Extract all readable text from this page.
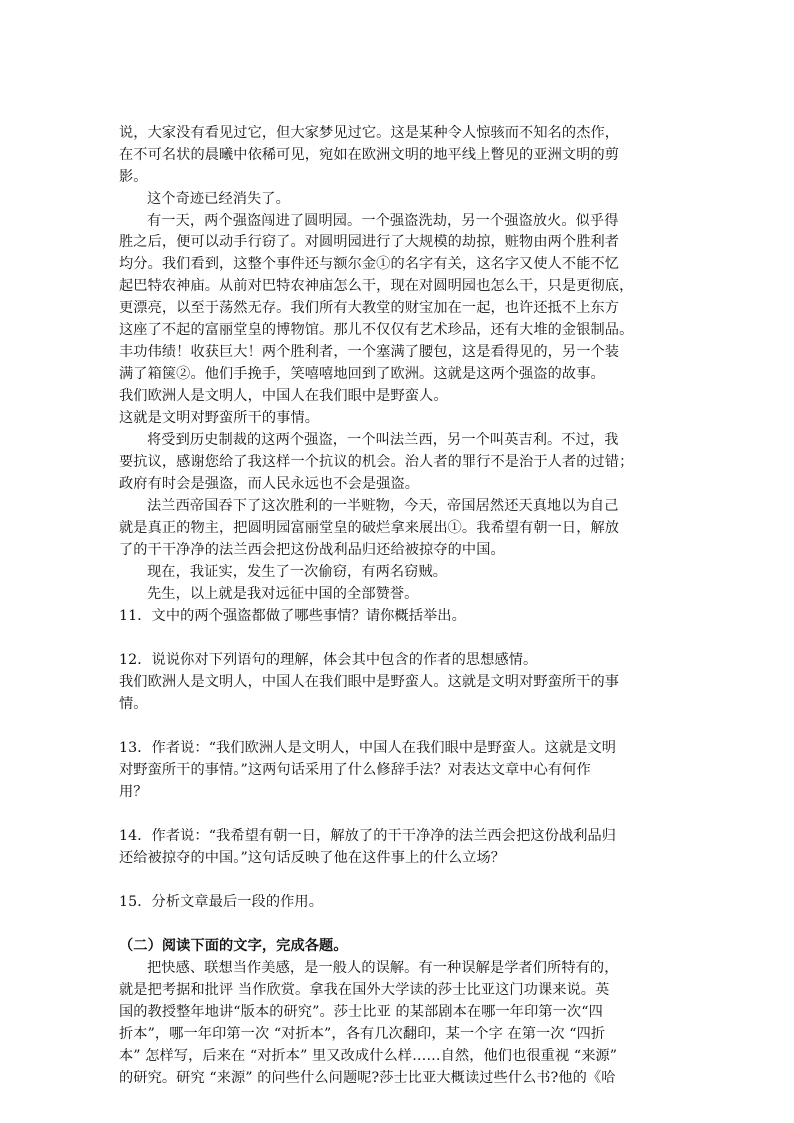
说，大家没有看见过它，但大家梦见过它。这是某种令人惊骇而不知名的杰作，
在不可名状的晨曦中依稀可见，宛如在欧洲文明的地平线上瞥见的亚洲文明的剪
影。
这个奇迹已经消失了。
有一天，两个强盗闯进了圆明园。一个强盗洗劫，另一个强盗放火。似乎得
胜之后，便可以动手行窃了。对圆明园进行了大规模的劫掠，赃物由两个胜利者
均分。我们看到，这整个事件还与额尔金①的名字有关，这名字又使人不能不忆
起巴特农神庙。从前对巴特农神庙怎么干，现在对圆明园也怎么干，只是更彻底，
更漂亮，以至于荡然无存。我们所有大教堂的财宝加在一起，也许还抵不上东方
这座了不起的富丽堂皇的博物馆。那儿不仅仅有艺术珍品，还有大堆的金银制品。
丰功伟绩！收获巨大！两个胜利者，一个塞满了腰包，这是看得见的，另一个装
满了箱箧②。他们手挽手，笑嘻嘻地回到了欧洲。这就是这两个强盗的故事。
我们欧洲人是文明人，中国人在我们眼中是野蛮人。
这就是文明对野蛮所干的事情。
将受到历史制裁的这两个强盗，一个叫法兰西，另一个叫英吉利。不过，我
要抗议，感谢您给了我这样一个抗议的机会。治人者的罪行不是治于人者的过错；
政府有时会是强盗，而人民永远也不会是强盗。
法兰西帝国吞下了这次胜利的一半赃物，今天，帝国居然还天真地以为自己
就是真正的物主，把圆明园富丽堂皇的破烂拿来展出①。我希望有朝一日，解放
了的干干净净的法兰西会把这份战利品归还给被掠夺的中国。
现在，我证实，发生了一次偷窃，有两名窃贼。
先生，以上就是我对远征中国的全部赞誉。
11．文中的两个强盗都做了哪些事情？请你概括举出。
12．说说你对下列语句的理解，体会其中包含的作者的思想感情。
我们欧洲人是文明人，中国人在我们眼中是野蛮人。这就是文明对野蛮所干的事
情。
13．作者说：“我们欧洲人是文明人，中国人在我们眼中是野蛮人。这就是文明
对野蛮所干的事情。”这两句话采用了什么修辞手法？对表达文章中心有何作
用？
14．作者说：“我希望有朝一日，解放了的干干净净的法兰西会把这份战利品归
还给被掠夺的中国。”这句话反映了他在这件事上的什么立场？
15．分析文章最后一段的作用。
（二）阅读下面的文字，完成各题。
把快感、联想当作美感，是一般人的误解。有一种误解是学者们所特有的，
就是把考据和批评 当作欣赏。拿我在国外大学读的莎士比亚这门功课来说。英
国的教授整年地讲“版本的研究”。莎士比亚 的某部剧本在哪一年印第一次“四
折本”，哪一年印第一次 “对折本”，各有几次翻印，某一个字 在第一次 “四折
本” 怎样写，后来在 “对折本” 里又改成什么样……自然，他们也很重视 “来源”
的研究。研究 “来源” 的问些什么问题呢?莎士比亚大概读过些什么书?他的《哈
